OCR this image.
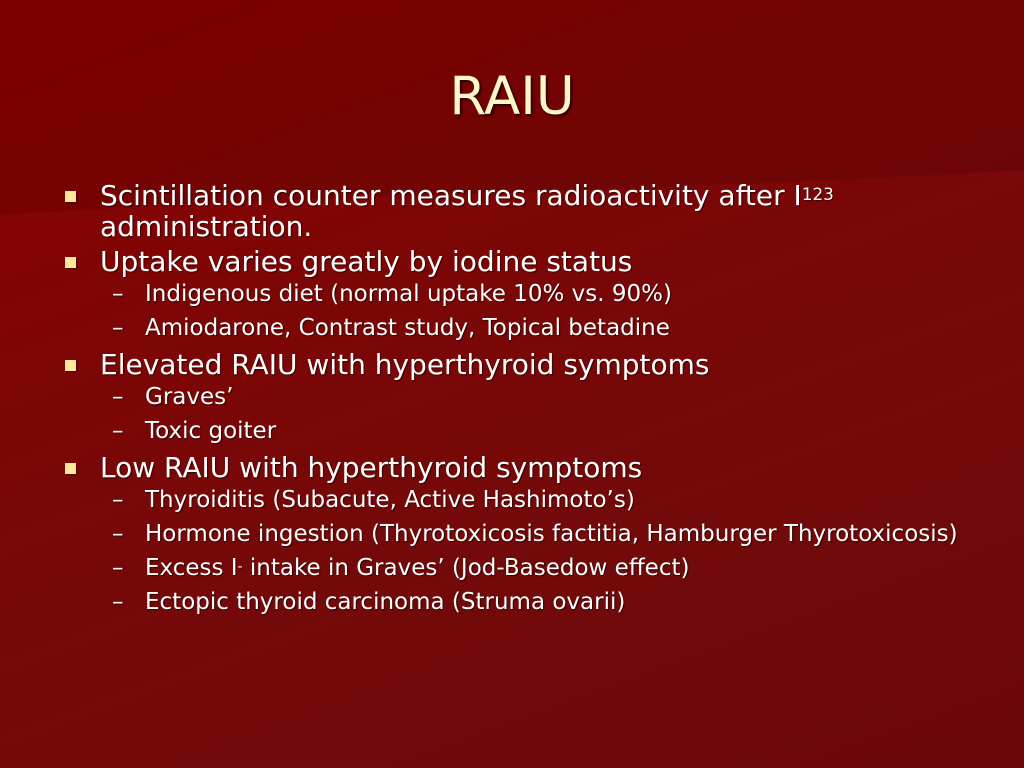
RAIU
Scintillation counter measures radioactivity after $I^{123}$
administration.
Uptake varies greatly by iodine status
– Indigenous diet (normal uptake 10% vs. 90%)
– Amiodarone, Contrast study, Topical betadine
Elevated RAIU with hyperthyroid symptoms
– Graves’
– Toxic goiter
Low RAIU with hyperthyroid symptoms
– Thyroiditis (Subacute, Active Hashimoto’s)
– Hormone ingestion (Thyrotoxicosis factitia, Hamburger Thyrotoxicosis)
– Excess I- intake in Graves’ (Jod-Basedow effect)
– Ectopic thyroid carcinoma (Struma ovarii)
